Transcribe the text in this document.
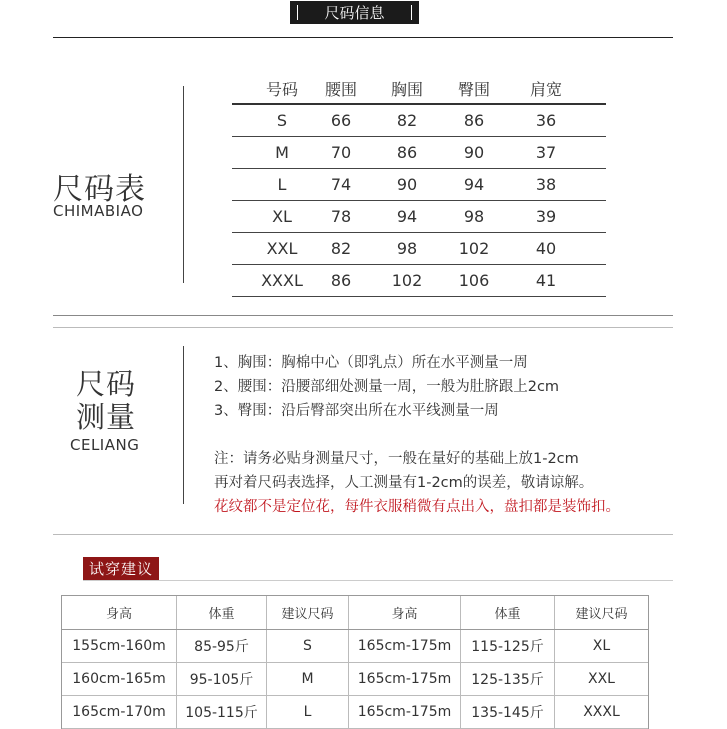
尺码信息
尺码表
CHIMABIAO
号码	腰围	胸围	臀围	肩宽
S	66	82	86	36
M	70	86	90	37
L	74	90	94	38
XL	78	94	98	39
XXL	82	98	102	40
XXXL	86	102	106	41
尺码
测量
CELIANG
1、胸围：胸棉中心（即乳点）所在水平测量一周
2、腰围：沿腰部细处测量一周，一般为肚脐跟上2cm
3、臀围：沿后臀部突出所在水平线测量一周
注：请务必贴身测量尺寸，一般在量好的基础上放1-2cm
再对着尺码表选择，人工测量有1-2cm的误差，敬请谅解。
花纹都不是定位花，每件衣服稍微有点出入，盘扣都是装饰扣。
试穿建议
身高	体重	建议尺码	身高	体重	建议尺码
155cm-160m	85-95斤	S	165cm-175m	115-125斤	XL
160cm-165m	95-105斤	M	165cm-175m	125-135斤	XXL
165cm-170m	105-115斤	L	165cm-175m	135-145斤	XXXL
